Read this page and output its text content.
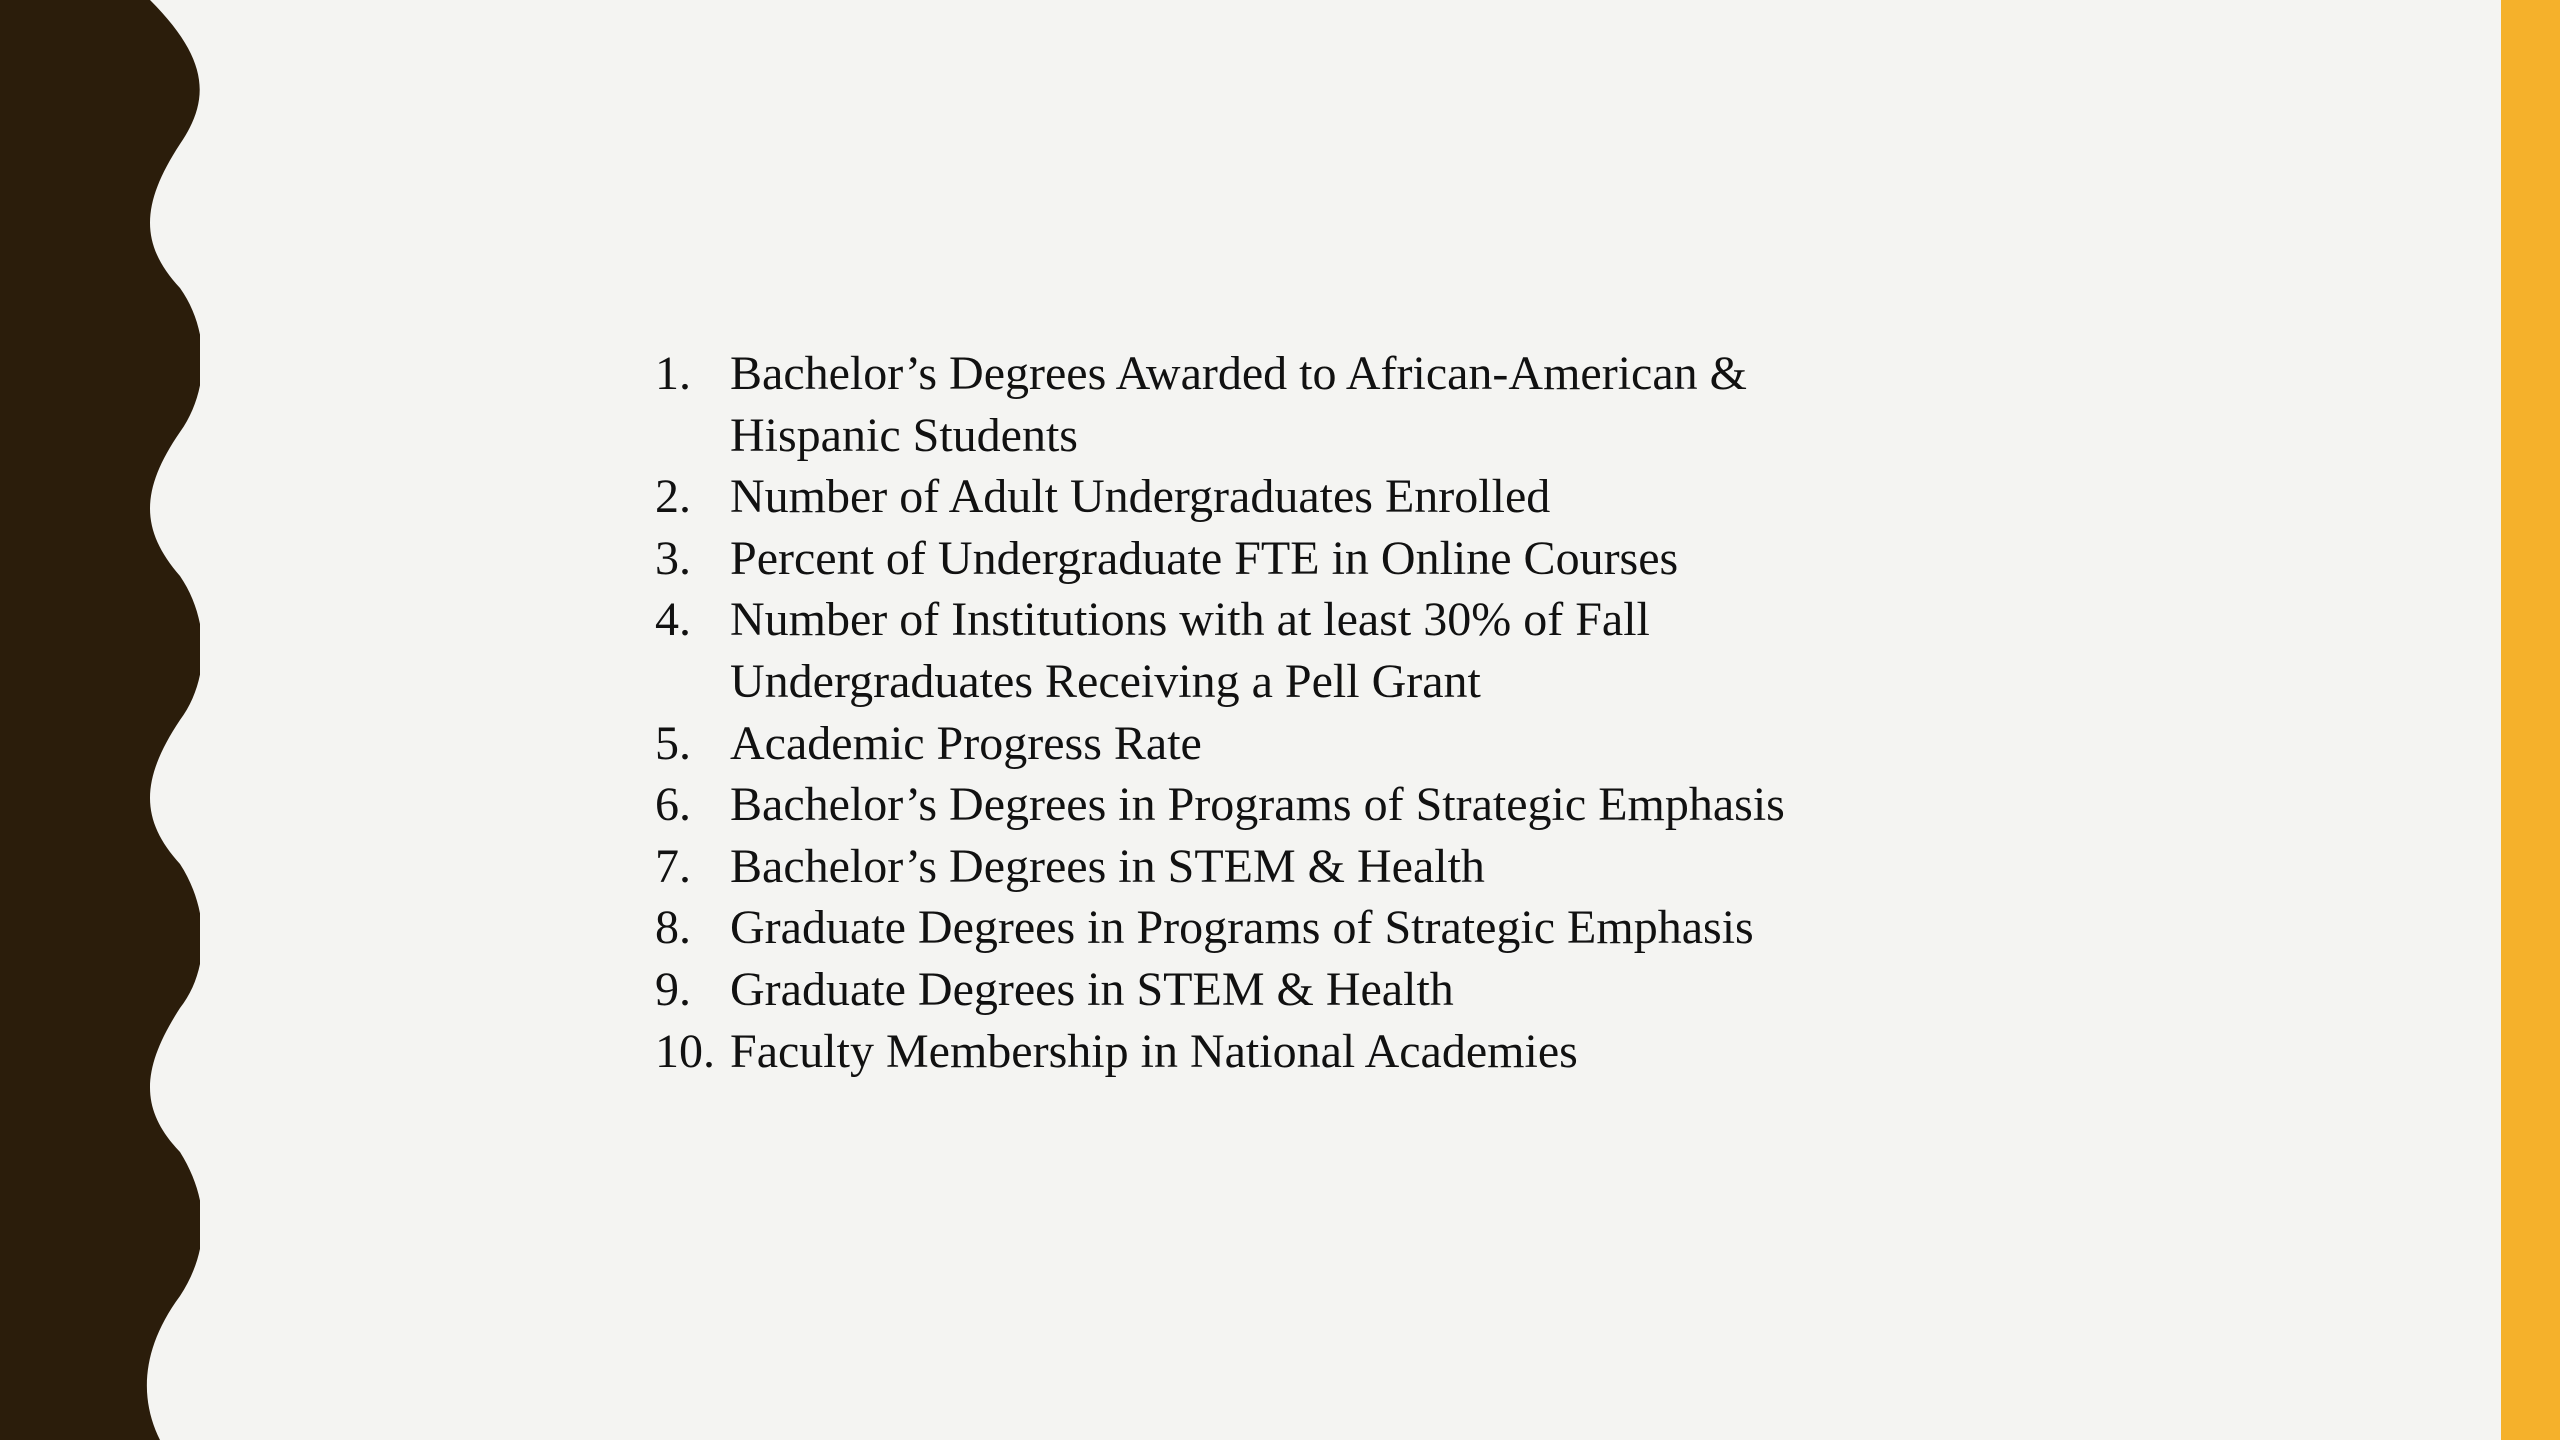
1. Bachelor’s Degrees Awarded to African-American & Hispanic Students
2. Number of Adult Undergraduates Enrolled
3. Percent of Undergraduate FTE in Online Courses
4. Number of Institutions with at least 30% of Fall Undergraduates Receiving a Pell Grant
5. Academic Progress Rate
6. Bachelor’s Degrees in Programs of Strategic Emphasis
7. Bachelor’s Degrees in STEM & Health
8. Graduate Degrees in Programs of Strategic Emphasis
9. Graduate Degrees in STEM & Health
10. Faculty Membership in National Academies
